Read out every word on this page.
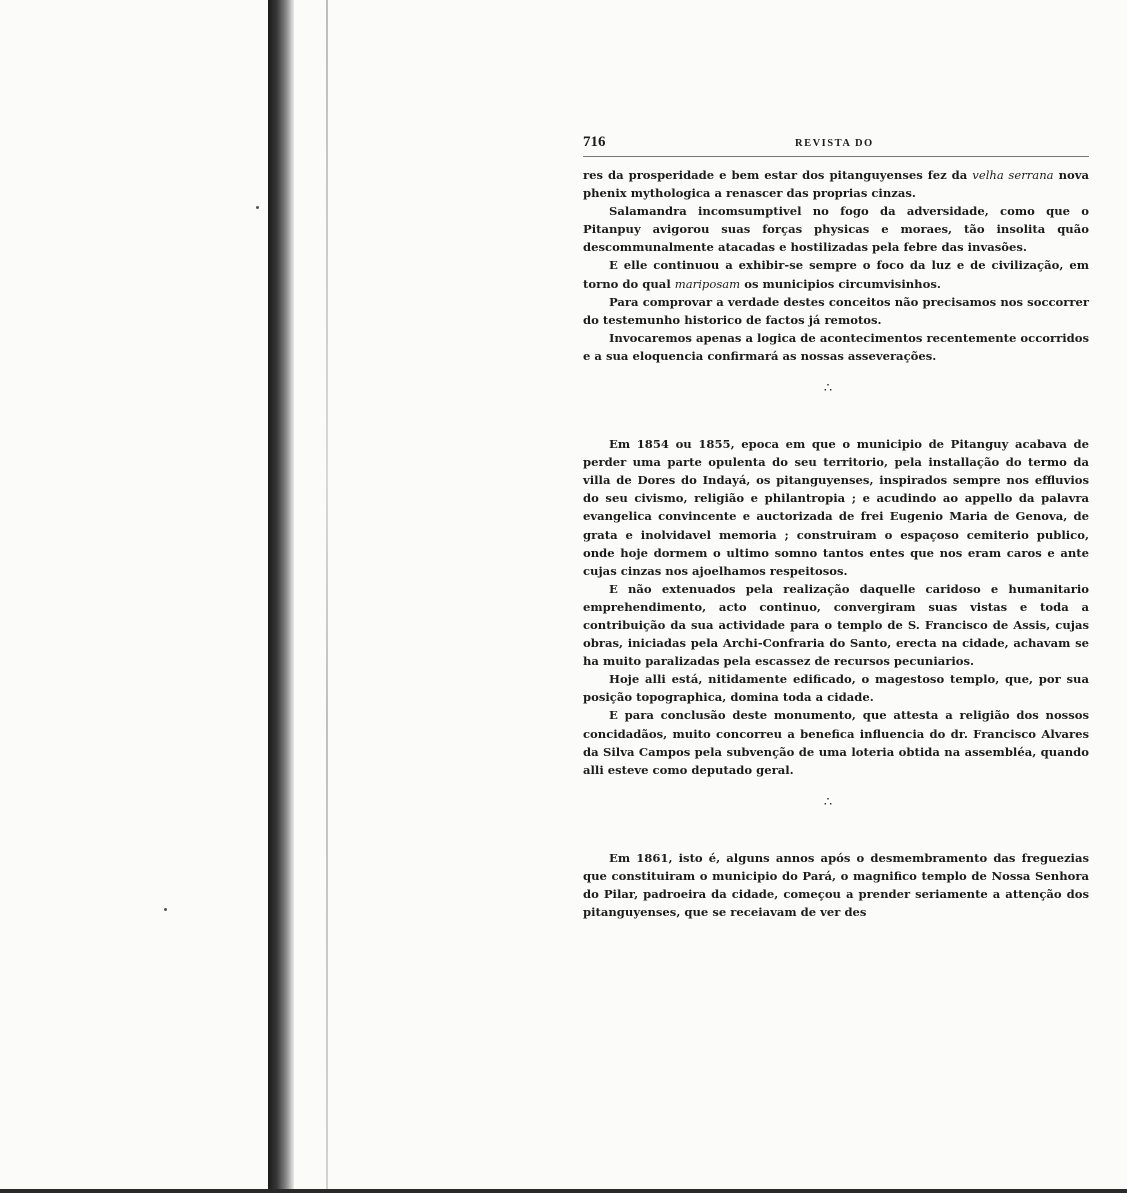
716	REVISTA DO

res da prosperidade e bem estar dos pitanguyenses fez da velha serrana nova phenix mythologica a renascer das proprias cinzas.

Salamandra incomsumptivel no fogo da adversidade, como que o Pitanpuy avigorou suas forças physicas e moraes, tão insolita quão descommunalmente atacadas e hostilizadas pela febre das invasões.

E elle continuou a exhibir-se sempre o foco da luz e de civilização, em torno do qual mariposam os municipios circumvisinhos.

Para comprovar a verdade destes conceitos não precisamos nos soccorrer do testemunho historico de factos já remotos.

Invocaremos apenas a logica de acontecimentos recentemente occorridos e a sua eloquencia confirmará as nossas asseverações.

∴

Em 1854 ou 1855, epoca em que o municipio de Pitanguy acabava de perder uma parte opulenta do seu territorio, pela installação do termo da villa de Dores do Indayá, os pitanguyenses, inspirados sempre nos effluvios do seu civismo, religião e philantropia ; e acudindo ao appello da palavra evangelica convincente e auctorizada de frei Eugenio Maria de Genova, de grata e inolvidavel memoria ; construiram o espaçoso cemiterio publico, onde hoje dormem o ultimo somno tantos entes que nos eram caros e ante cujas cinzas nos ajoelhamos respeitosos.

E não extenuados pela realização daquelle caridoso e humanitario emprehendimento, acto continuo, convergiram suas vistas e toda a contribuição da sua actividade para o templo de S. Francisco de Assis, cujas obras, iniciadas pela Archi-Confraria do Santo, erecta na cidade, achavam se ha muito paralizadas pela escassez de recursos pecuniarios.

Hoje alli está, nitidamente edificado, o magestoso templo, que, por sua posição topographica, domina toda a cidade.

E para conclusão deste monumento, que attesta a religião dos nossos concidadãos, muito concorreu a benefica influencia do dr. Francisco Alvares da Silva Campos pela subvenção de uma loteria obtida na assembléa, quando alli esteve como deputado geral.

∴

Em 1861, isto é, alguns annos após o desmembramento das freguezias que constituiram o municipio do Pará, o magnifico templo de Nossa Senhora do Pilar, padroeira da cidade, começou a prender seriamente a attenção dos pitanguyenses, que se receiavam de ver des
